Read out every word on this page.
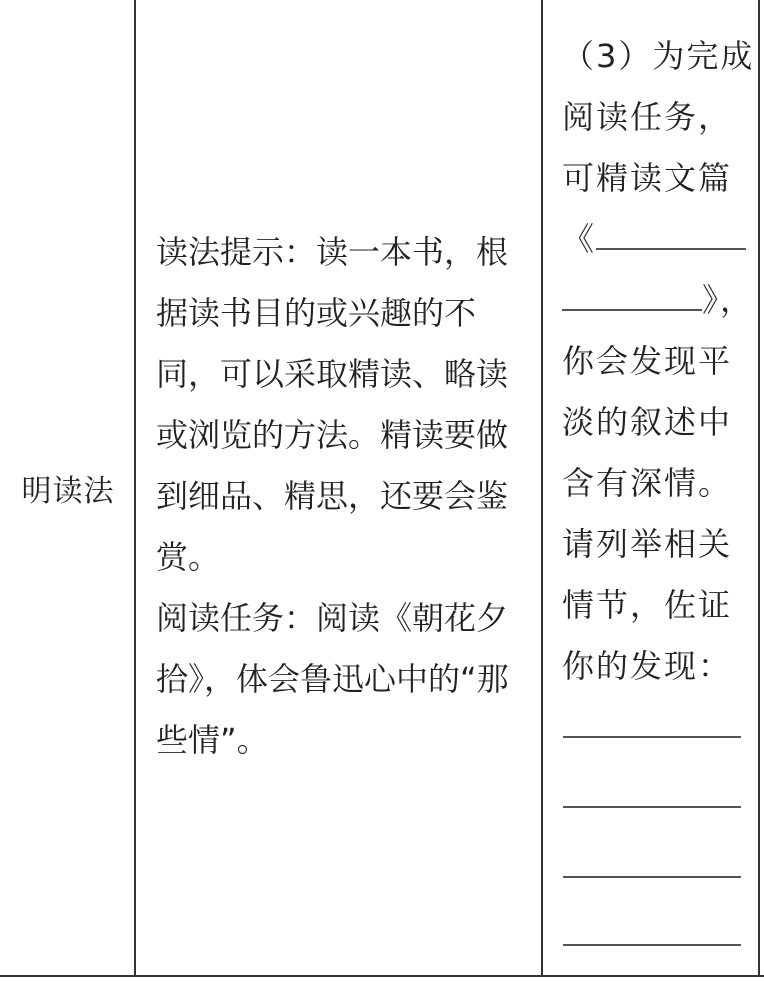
明读法

读法提示：读一本书，根据读书目的或兴趣的不同，可以采取精读、略读或浏览的方法。精读要做到细品、精思，还要会鉴赏。

阅读任务：阅读《朝花夕拾》，体会鲁迅心中的“那些情”。

（3）为完成
阅读任务，
可精读文篇
《
》，
你会发现平
淡的叙述中
含有深情。
请列举相关
情节，佐证
你的发现：
